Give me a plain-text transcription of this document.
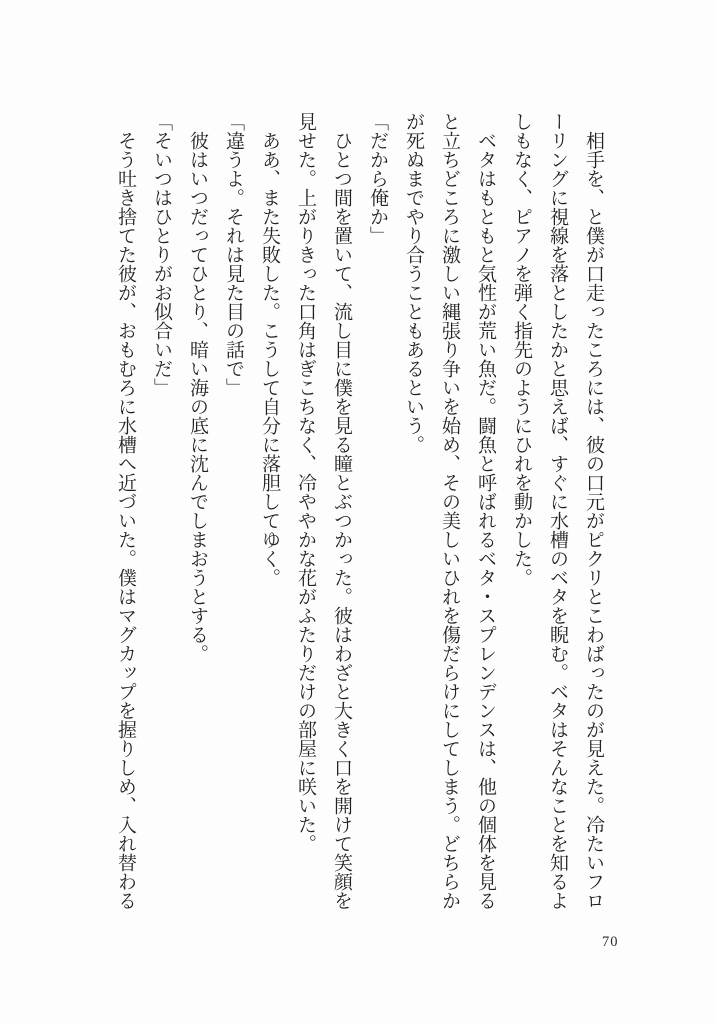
相手を、と僕が口走ったころには、彼の口元がピクリとこわばったのが見えた。冷たいフロ
ーリングに視線を落としたかと思えば、すぐに水槽のベタを睨む。ベタはそんなことを知るよ
しもなく、ピアノを弾く指先のようにひれを動かした。
ベタはもともと気性が荒い魚だ。闘魚と呼ばれるベタ・スプレンデンスは、他の個体を見る
と立ちどころに激しい縄張り争いを始め、その美しいひれを傷だらけにしてしまう。どちらか
が死ぬまでやり合うこともあるという。
「だから俺か」
ひとつ間を置いて、流し目に僕を見る瞳とぶつかった。彼はわざと大きく口を開けて笑顔を
見せた。上がりきった口角はぎこちなく、冷ややかな花がふたりだけの部屋に咲いた。
ああ、また失敗した。こうして自分に落胆してゆく。
「違うよ。それは見た目の話で」
彼はいつだってひとり、暗い海の底に沈んでしまおうとする。
「そいつはひとりがお似合いだ」
そう吐き捨てた彼が、おもむろに水槽へ近づいた。僕はマグカップを握りしめ、入れ替わる
70
